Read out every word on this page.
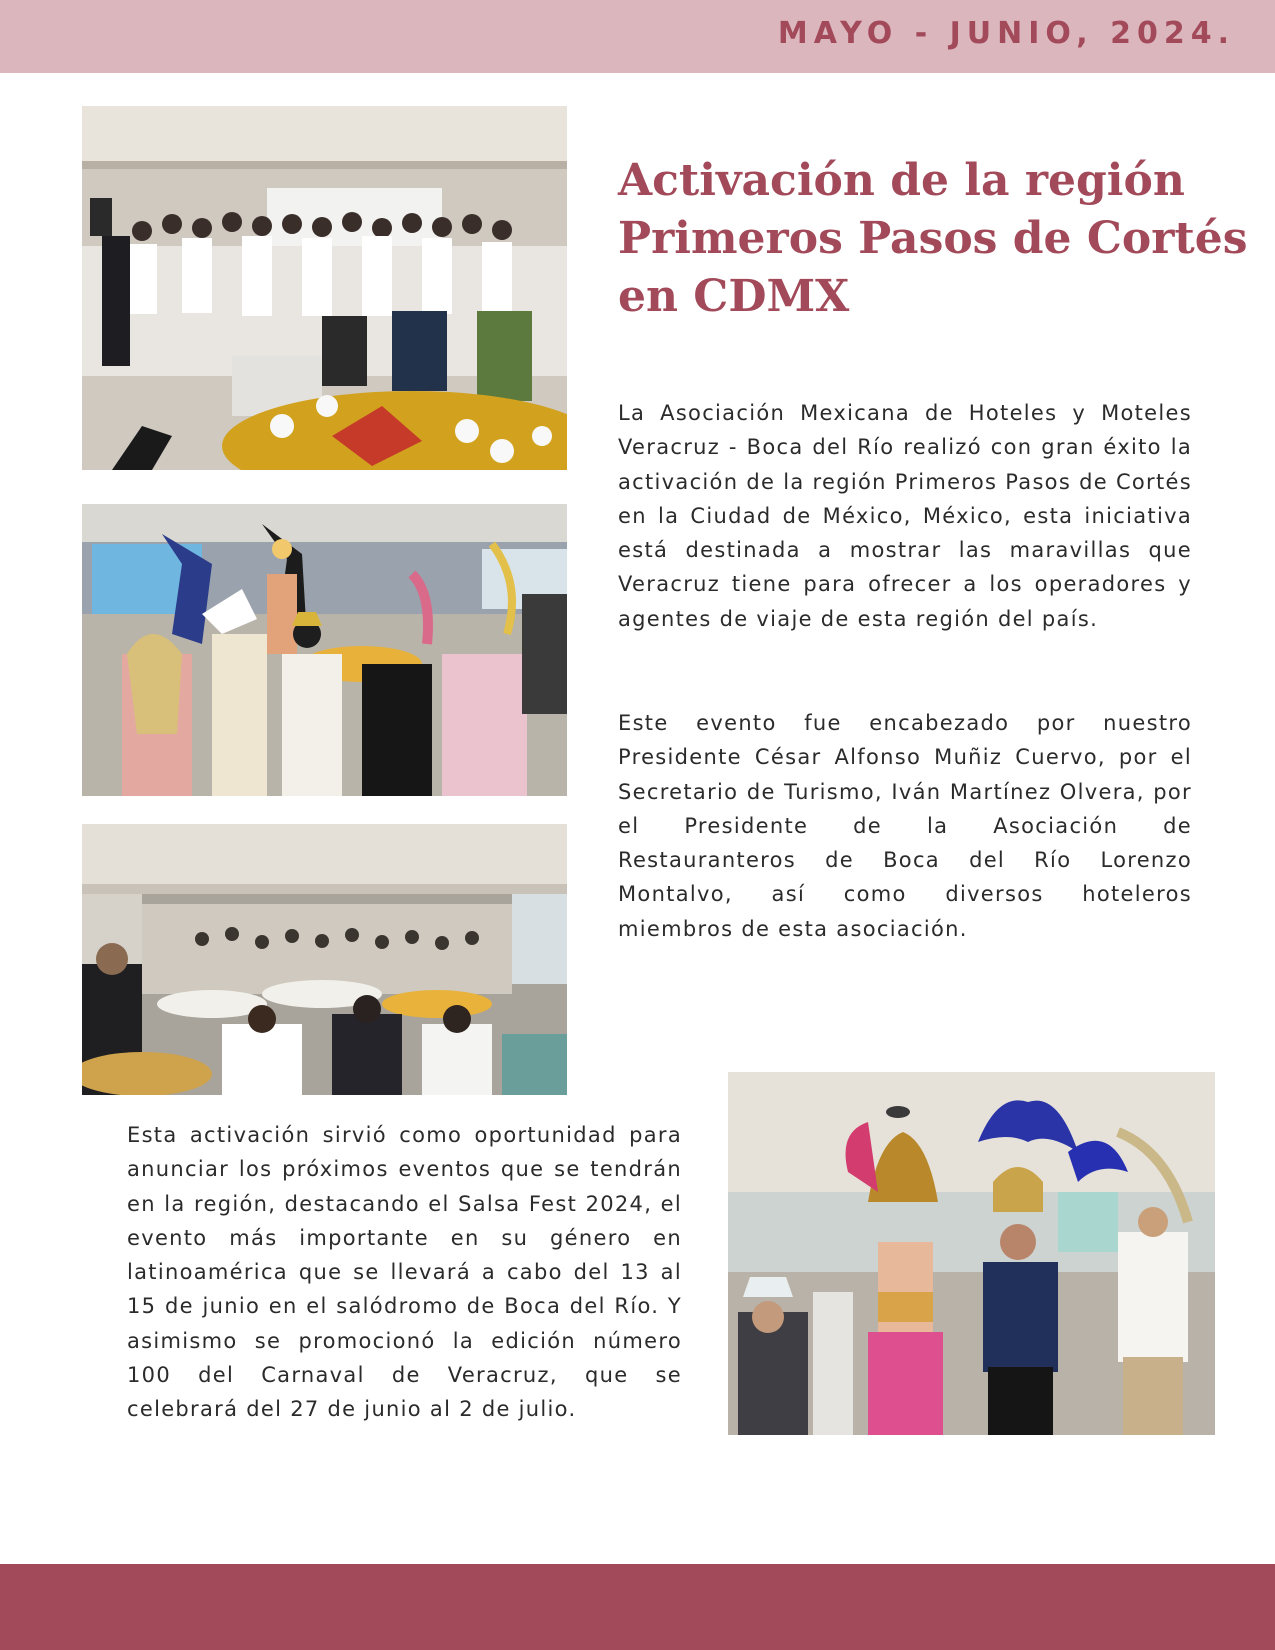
MAYO - JUNIO, 2024.
Activación de la región Primeros Pasos de Cortés en CDMX

La Asociación Mexicana de Hoteles y Moteles Veracruz - Boca del Río realizó con gran éxito la activación de la región Primeros Pasos de Cortés en la Ciudad de México, México, esta iniciativa está destinada a mostrar las maravillas que Veracruz tiene para ofrecer a los operadores y agentes de viaje de esta región del país.

Este evento fue encabezado por nuestro Presidente César Alfonso Muñiz Cuervo, por el Secretario de Turismo, Iván Martínez Olvera, por el Presidente de la Asociación de Restauranteros de Boca del Río Lorenzo Montalvo, así como diversos hoteleros miembros de esta asociación.

Esta activación sirvió como oportunidad para anunciar los próximos eventos que se tendrán en la región, destacando el Salsa Fest 2024, el evento más importante en su género en latinoamérica que se llevará a cabo del 13 al 15 de junio en el salódromo de Boca del Río. Y asimismo se promocionó la edición número 100 del Carnaval de Veracruz, que se celebrará del 27 de junio al 2 de julio.
